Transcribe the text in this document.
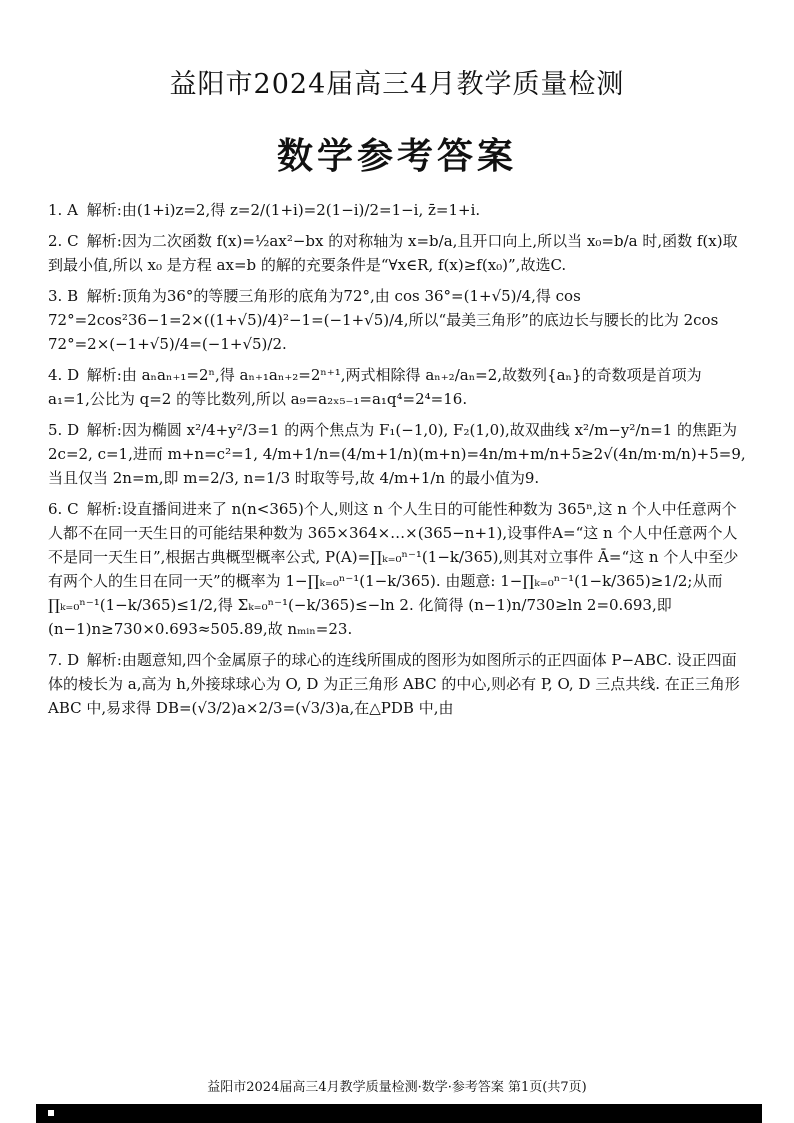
益阳市2024届高三4月教学质量检测
数学参考答案

1. A 解析:由(1+i)z=2,得 z=2/(1+i)=2(1−i)/2=1−i, z̄=1+i.

2. C 解析:因为二次函数 f(x)=½ax²−bx 的对称轴为 x=b/a,且开口向上,所以当 x₀=b/a 时,函数 f(x)取到最小值,所以 x₀ 是方程 ax=b 的解的充要条件是“∀x∈R, f(x)≥f(x₀)”,故选C.

3. B 解析:顶角为36°的等腰三角形的底角为72°,由 cos 36°=(1+√5)/4,得 cos 72°=2cos²36−1=2×((1+√5)/4)²−1=(−1+√5)/4,所以“最美三角形”的底边长与腰长的比为 2cos 72°=2×(−1+√5)/4=(−1+√5)/2.

4. D 解析:由 aₙaₙ₊₁=2ⁿ,得 aₙ₊₁aₙ₊₂=2ⁿ⁺¹,两式相除得 aₙ₊₂/aₙ=2,故数列{aₙ}的奇数项是首项为 a₁=1,公比为 q=2 的等比数列,所以 a₉=a₂ₓ₅₋₁=a₁q⁴=2⁴=16.

5. D 解析:因为椭圆 x²/4+y²/3=1 的两个焦点为 F₁(−1,0), F₂(1,0),故双曲线 x²/m−y²/n=1 的焦距为 2c=2, c=1,进而 m+n=c²=1, 4/m+1/n=(4/m+1/n)(m+n)=4n/m+m/n+5≥2√(4n/m·m/n)+5=9,当且仅当 2n=m,即 m=2/3, n=1/3 时取等号,故 4/m+1/n 的最小值为9.

6. C 解析:设直播间进来了 n(n<365)个人,则这 n 个人生日的可能性种数为 365ⁿ,这 n 个人中任意两个人都不在同一天生日的可能结果种数为 365×364×…×(365−n+1),设事件A=“这 n 个人中任意两个人不是同一天生日”,根据古典概型概率公式, P(A)=∏ₖ₌₀ⁿ⁻¹(1−k/365),则其对立事件 Ā=“这 n 个人中至少有两个人的生日在同一天”的概率为 1−∏ₖ₌₀ⁿ⁻¹(1−k/365). 由题意: 1−∏ₖ₌₀ⁿ⁻¹(1−k/365)≥1/2;从而 ∏ₖ₌₀ⁿ⁻¹(1−k/365)≤1/2,得 Σₖ₌₀ⁿ⁻¹(−k/365)≤−ln 2. 化简得 (n−1)n/730≥ln 2=0.693,即(n−1)n≥730×0.693≈505.89,故 nₘᵢₙ=23.

7. D 解析:由题意知,四个金属原子的球心的连线所围成的图形为如图所示的正四面体 P−ABC. 设正四面体的棱长为 a,高为 h,外接球球心为 O, D 为正三角形 ABC 的中心,则必有 P, O, D 三点共线. 在正三角形 ABC 中,易求得 DB=(√3/2)a×2/3=(√3/3)a,在△PDB 中,由

益阳市2024届高三4月教学质量检测·数学·参考答案 第1页(共7页)
